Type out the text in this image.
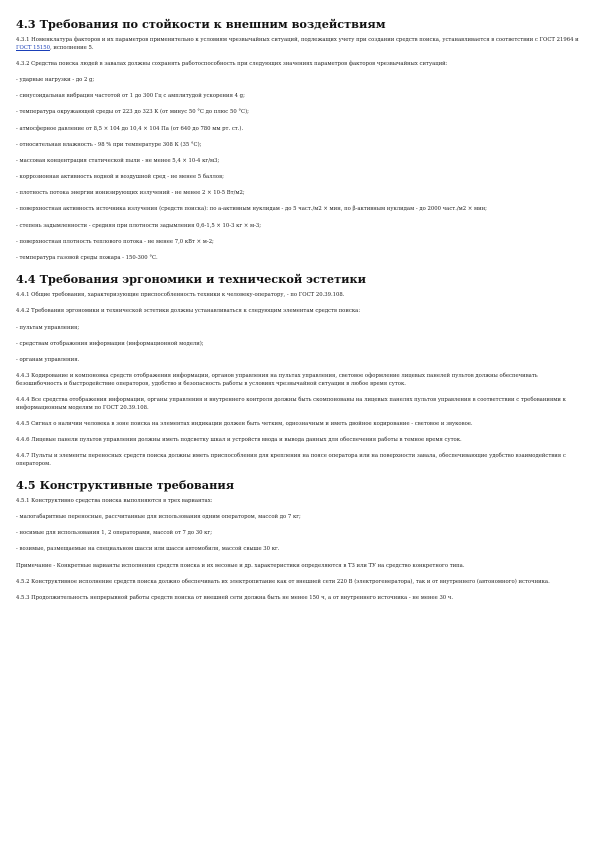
4.3 Требования по стойкости к внешним воздействиям

4.3.1 Номенклатура факторов и их параметров применительно к условиям чрезвычайных ситуаций, подлежащих учету при создании средств поиска, устанавливается в соответствии с ГОСТ 21964 и ГОСТ 15150, исполнение 5.

4.3.2 Средства поиска людей в завалах должны сохранять работоспособность при следующих значениях параметров факторов чрезвычайных ситуаций:

- ударные нагрузки - до 2 g;

- синусоидальная вибрация частотой от 1 до 300 Гц с амплитудой ускорения 4 g;

- температура окружающей среды от 223 до 323 К (от минус 50 °С до плюс 50 °С);

- атмосферное давление от 8,5 × 104 до 10,4 × 104 Па (от 640 до 780 мм рт. ст.).

- относительная влажность - 98 % при температуре 308 К (35 °С);

- массовая концентрация статической пыли - не менее 5,4 × 10-4 кг/м3;

- коррозионная активность водной и воздушной сред - не менее 5 баллов;

- плотность потока энергии ионизирующих излучений - не менее 2 × 10-5 Вт/м2;

- поверхностная активность источника излучения (средств поиска): по а-активным нуклидам - до 5 част./м2 × мин, по β-активным нуклидам - до 2000 част./м2 × мин;

- степень задымленности - средняя при плотности задымления 0,6-1,5 × 10-3 кг × м-3;

- поверхностная плотность теплового потока - не менее 7,0 кВт × м-2;

- температура газовой среды пожара - 150-300 °С.

4.4 Требования эргономики и технической эстетики

4.4.1 Общие требования, характеризующие приспособленность техники к человеку-оператору, - по ГОСТ 20.39.108.

4.4.2 Требования эргономики и технической эстетики должны устанавливаться к следующим элементам средств поиска:

- пультам управления;

- средствам отображения информации (информационной модели);

- органам управления.

4.4.3 Кодирование и компоновка средств отображения информации, органов управления на пультах управления, световое оформление лицевых панелей пультов должны обеспечивать безошибочность и быстродействие операторов, удобство и безопасность работы в условиях чрезвычайной ситуации в любое время суток.

4.4.4 Все средства отображения информации, органы управления и внутреннего контроля должны быть скомпонованы на лицевых панелях пультов управления в соответствии с требованиями к информационным моделям по ГОСТ 20.39.108.

4.4.5 Сигнал о наличии человека в зоне поиска на элементах индикации должен быть четким, однозначным и иметь двойное кодирование - световое и звуковое.

4.4.6 Лицевые панели пультов управления должны иметь подсветку шкал и устройств ввода и вывода данных для обеспечения работы в темное время суток.

4.4.7 Пульты и элементы переносных средств поиска должны иметь приспособления для крепления на поясе оператора или на поверхности завала, обеспечивающие удобство взаимодействия с оператором.

4.5 Конструктивные требования

4.5.1 Конструктивно средства поиска выполняются в трех вариантах:

- малогабаритные переносные, рассчитанные для использования одним оператором, массой до 7 кг;

- носимые для использования 1, 2 операторами, массой от 7 до 30 кг;

- возимые, размещаемые на специальном шасси или шасси автомобиля, массой свыше 30 кг.

Примечание - Конкретные варианты исполнения средств поиска и их весовые и др. характеристики определяются в ТЗ или ТУ на средство конкретного типа.

4.5.2 Конструктивное исполнение средств поиска должно обеспечивать их электропитание как от внешней сети 220 В (электрогенератора), так и от внутреннего (автономного) источника.

4.5.3 Продолжительность непрерывной работы средств поиска от внешней сети должна быть не менее 150 ч, а от внутреннего источника - не менее 30 ч.
